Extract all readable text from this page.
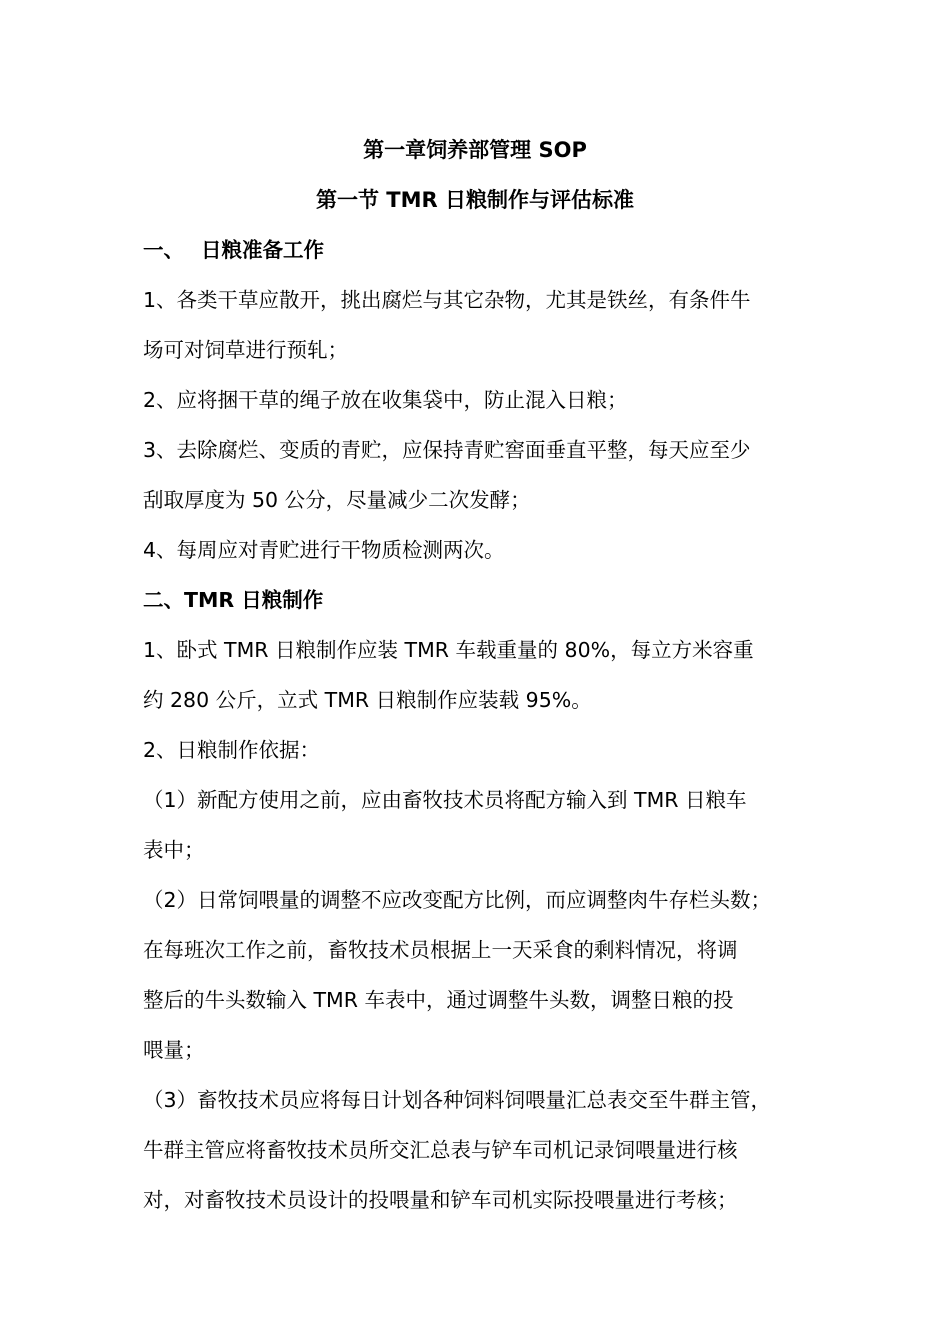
第一章饲养部管理 SOP
第一节 TMR 日粮制作与评估标准
一、 日粮准备工作
1、各类干草应散开，挑出腐烂与其它杂物，尤其是铁丝，有条件牛
场可对饲草进行预轧；
2、应将捆干草的绳子放在收集袋中，防止混入日粮；
3、去除腐烂、变质的青贮，应保持青贮窖面垂直平整，每天应至少
刮取厚度为 50 公分，尽量减少二次发酵；
4、每周应对青贮进行干物质检测两次。
二、TMR 日粮制作
1、卧式 TMR 日粮制作应装 TMR 车载重量的 80%，每立方米容重
约 280 公斤，立式 TMR 日粮制作应装载 95%。
2、日粮制作依据：
（1）新配方使用之前，应由畜牧技术员将配方输入到 TMR 日粮车
表中；
（2）日常饲喂量的调整不应改变配方比例，而应调整肉牛存栏头数；
在每班次工作之前，畜牧技术员根据上一天采食的剩料情况，将调
整后的牛头数输入 TMR 车表中，通过调整牛头数，调整日粮的投
喂量；
（3）畜牧技术员应将每日计划各种饲料饲喂量汇总表交至牛群主管，
牛群主管应将畜牧技术员所交汇总表与铲车司机记录饲喂量进行核
对，对畜牧技术员设计的投喂量和铲车司机实际投喂量进行考核；
